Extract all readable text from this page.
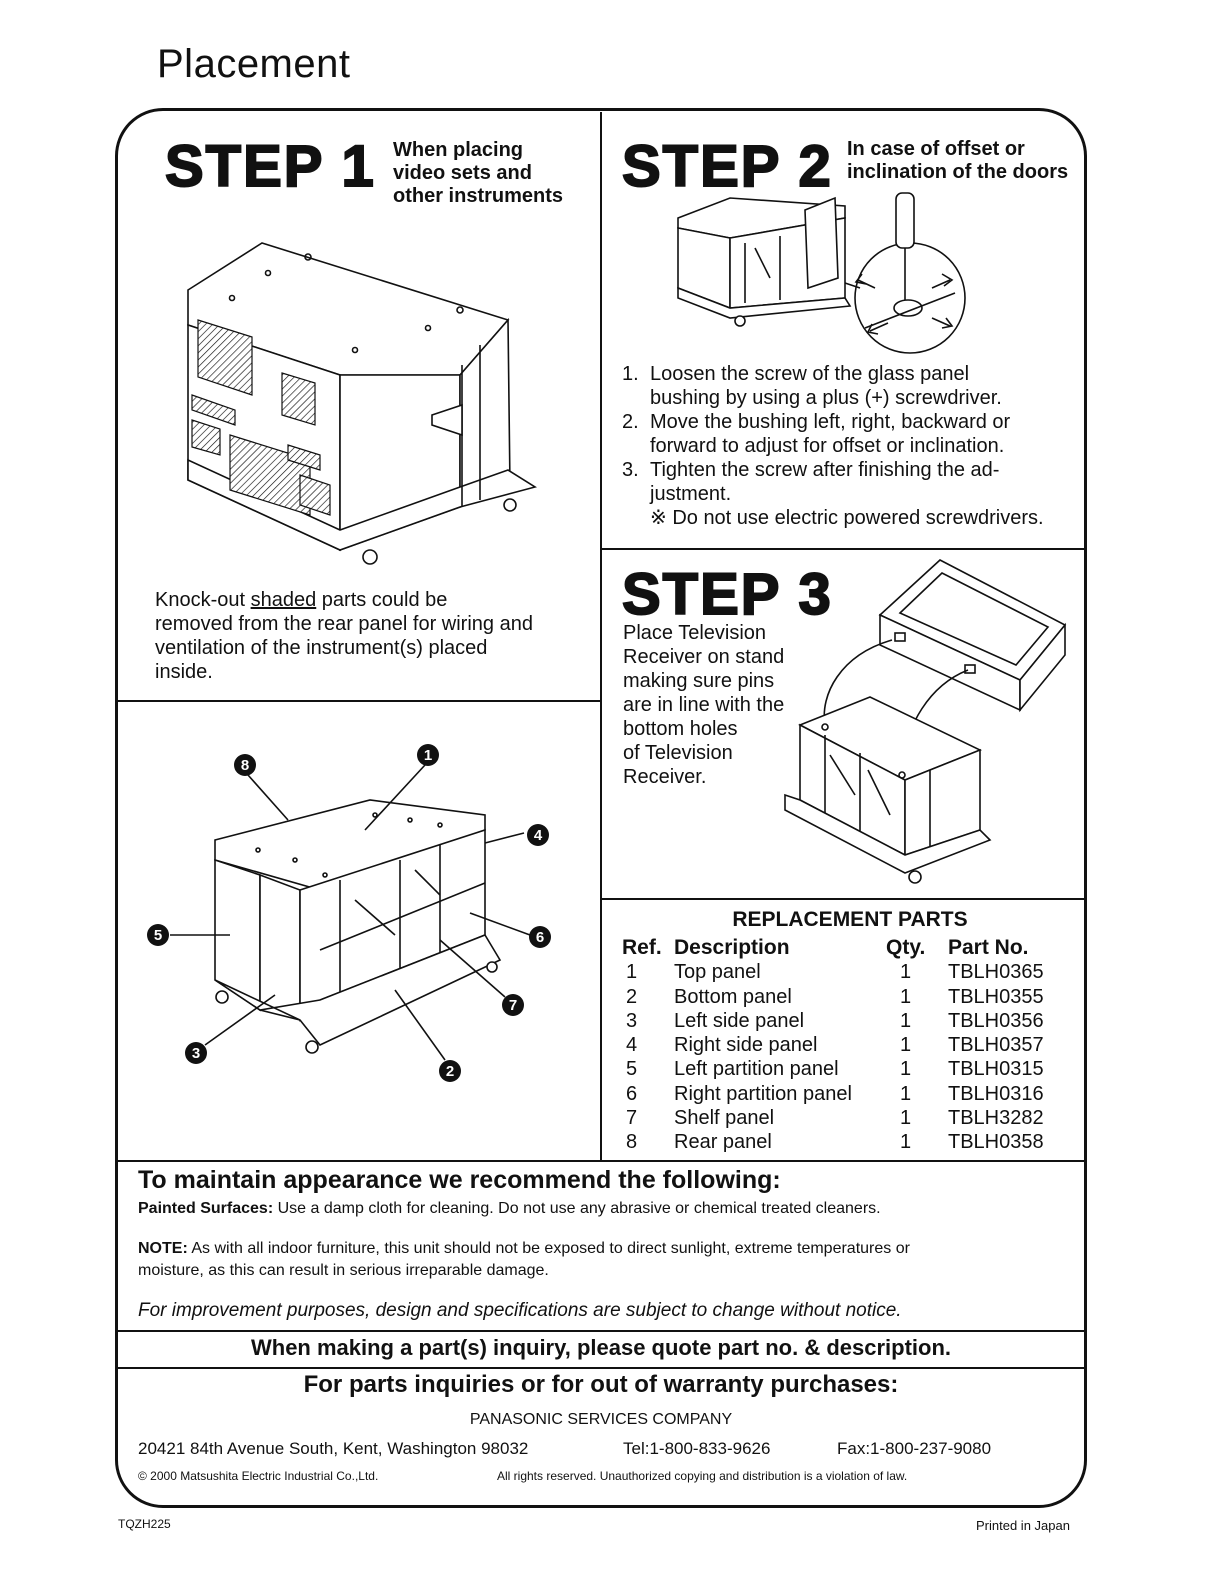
Placement
STEP 1 When placing
video sets and
other instruments
Knock-out shaded parts could be
removed from the rear panel for wiring and
ventilation of the instrument(s) placed
inside.
8
1
4
5	6
7
3
2
STEP 2 In case of offset or
inclination of the doors
1. Loosen the screw of the glass panel
bushing by using a plus (+) screwdriver.
2. Move the bushing left, right, backward or
forward to adjust for offset or inclination.
3. Tighten the screw after finishing the ad-
justment.
※ Do not use electric powered screwdrivers.
STEP 3
Place Television
Receiver on stand
making sure pins
are in line with the
bottom holes
of Television
Receiver.
REPLACEMENT PARTS
Ref.	Description	Qty.	Part No.
1	Top panel	1	TBLH0365
2	Bottom panel	1	TBLH0355
3	Left side panel	1	TBLH0356
4	Right side panel	1	TBLH0357
5	Left partition panel	1	TBLH0315
6	Right partition panel	1	TBLH0316
7	Shelf panel	1	TBLH3282
8	Rear panel	1	TBLH0358
To maintain appearance we recommend the following:
Painted Surfaces: Use a damp cloth for cleaning. Do not use any abrasive or chemical treated cleaners.
NOTE: As with all indoor furniture, this unit should not be exposed to direct sunlight, extreme temperatures or
moisture, as this can result in serious irreparable damage.
For improvement purposes, design and specifications are subject to change without notice.
When making a part(s) inquiry, please quote part no. & description.
For parts inquiries or for out of warranty purchases:
PANASONIC SERVICES COMPANY
20421 84th Avenue South, Kent, Washington 98032	Tel:1-800-833-9626	Fax:1-800-237-9080
© 2000 Matsushita Electric Industrial Co.,Ltd.	All rights reserved. Unauthorized copying and distribution is a violation of law.
TQZH225	Printed in Japan
